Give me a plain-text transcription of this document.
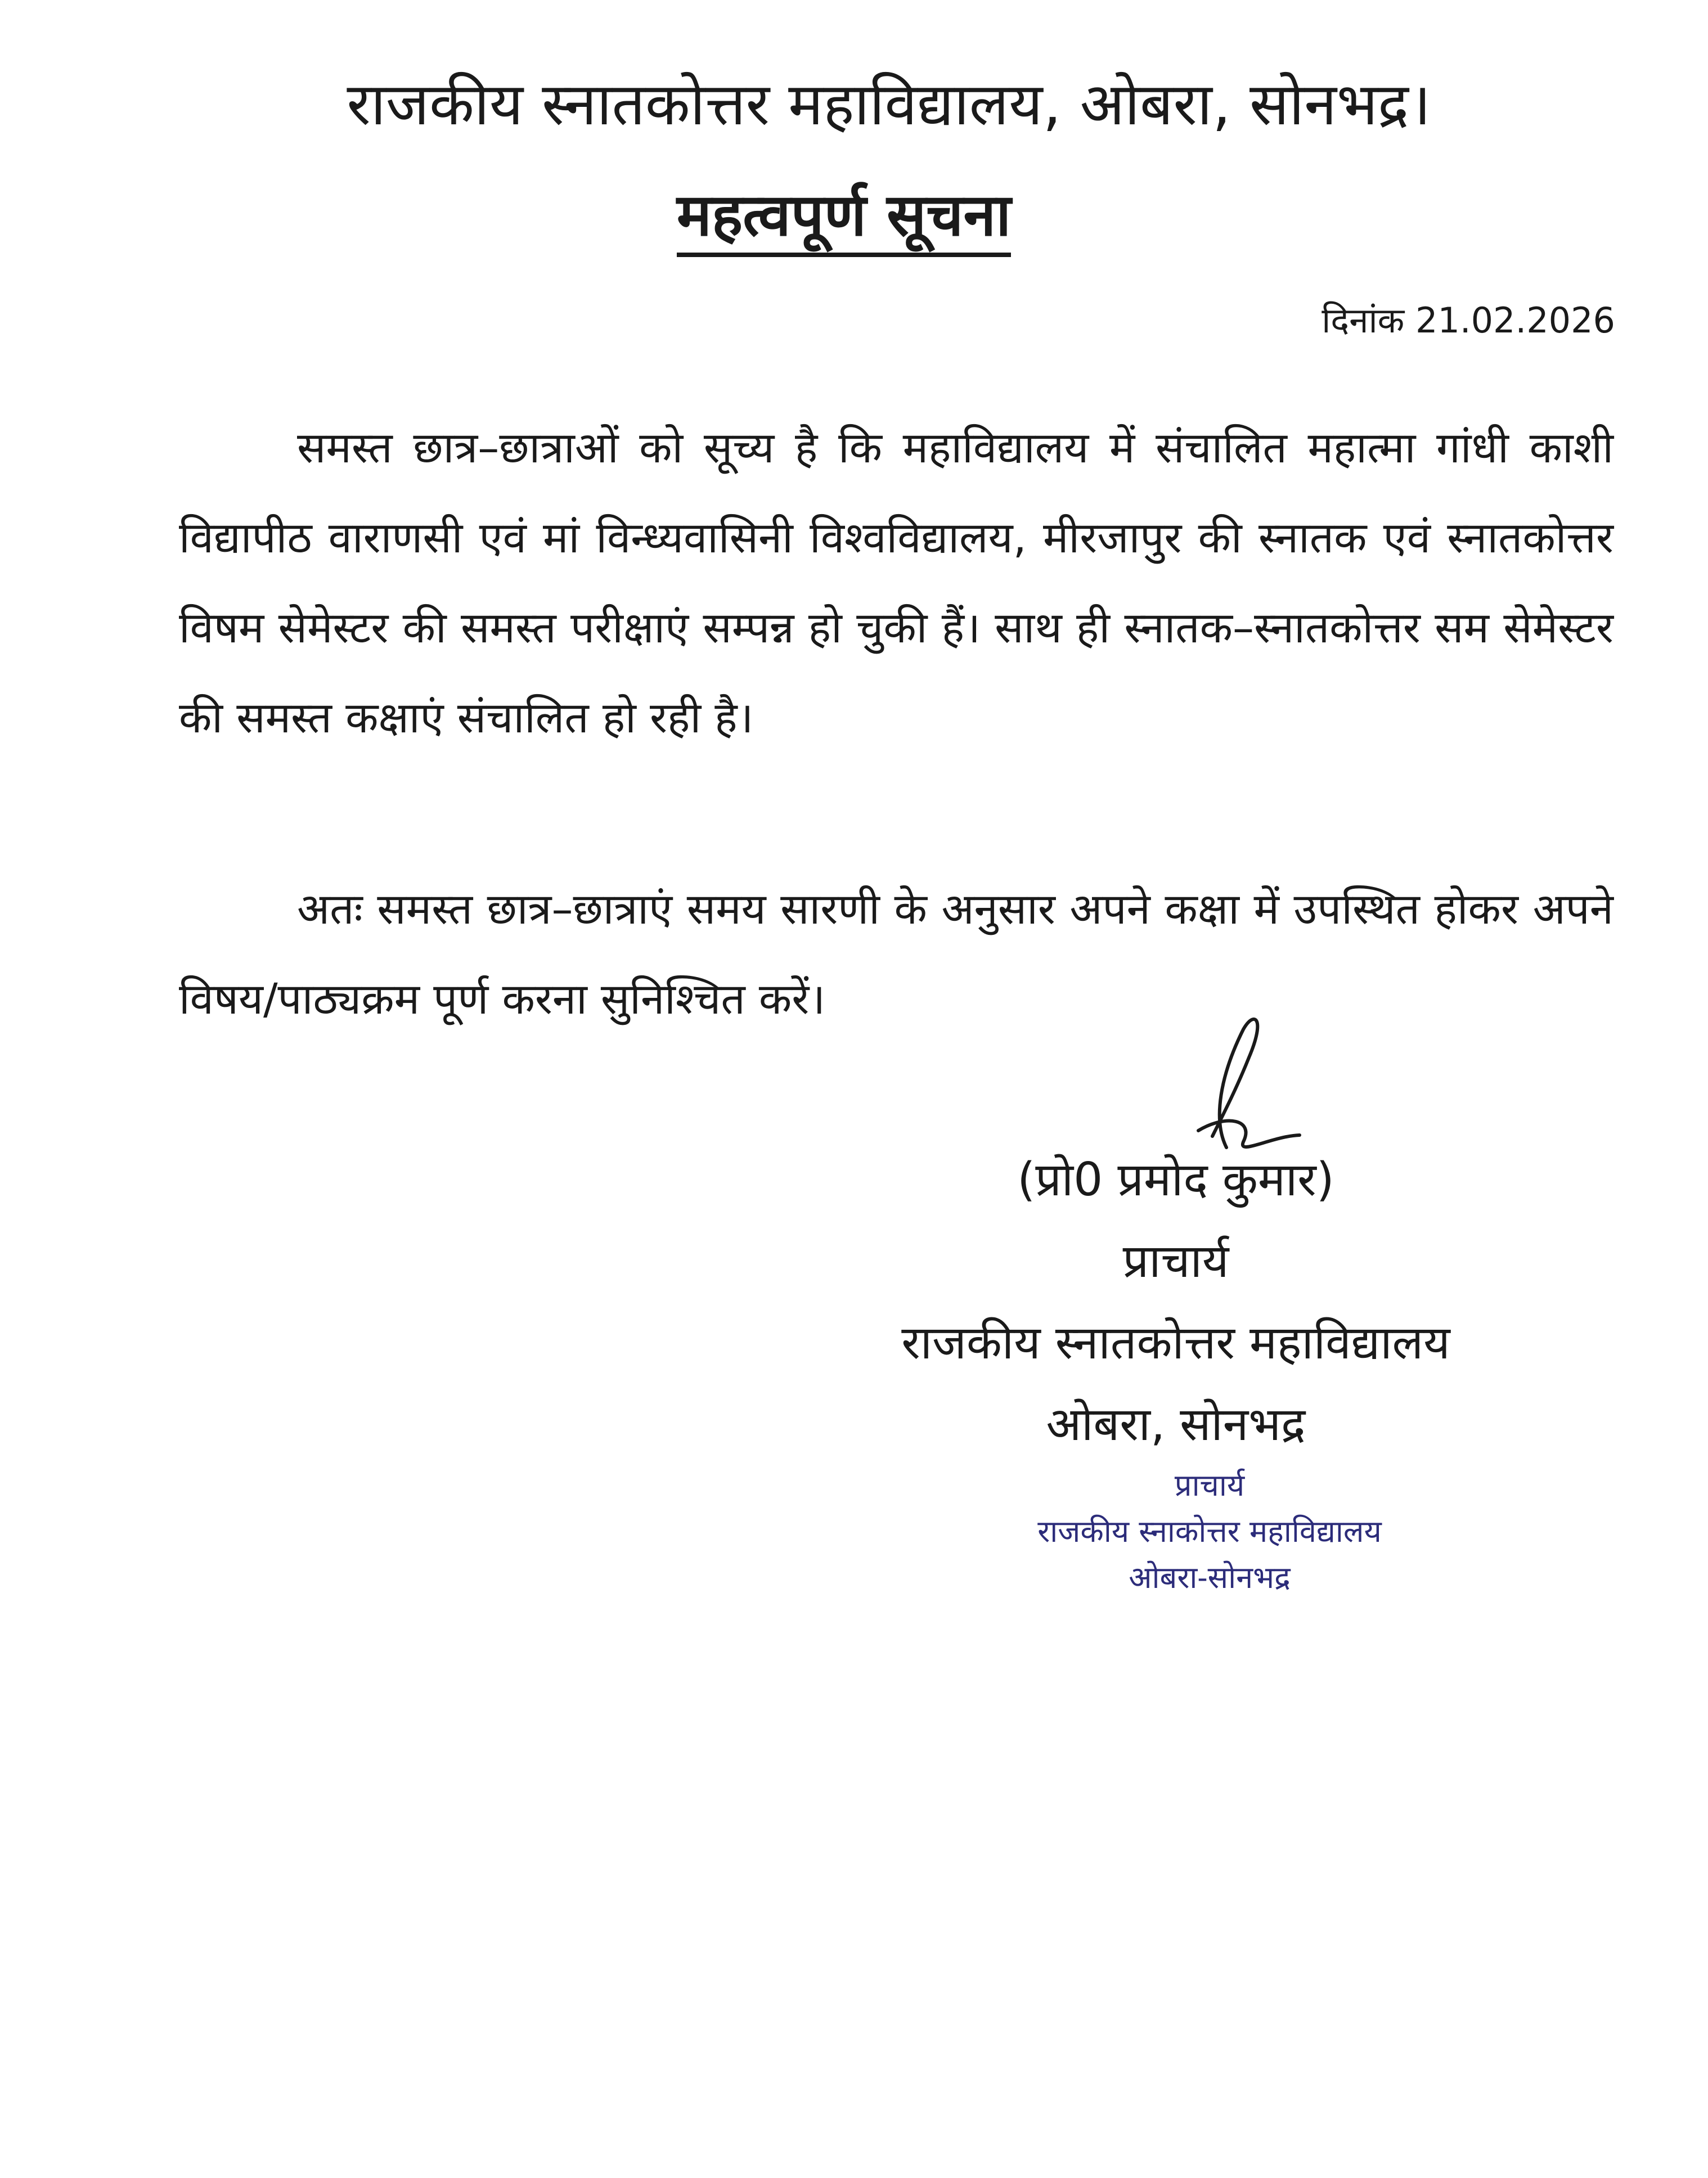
राजकीय स्नातकोत्तर महाविद्यालय, ओबरा, सोनभद्र।
महत्वपूर्ण सूचना
दिनांक 21.02.2026

समस्त छात्र–छात्राओं को सूच्य है कि महाविद्यालय में संचालित महात्मा गांधी काशी विद्यापीठ वाराणसी एवं मां विन्ध्यवासिनी विश्वविद्यालय, मीरजापुर की स्नातक एवं स्नातकोत्तर विषम सेमेस्टर की समस्त परीक्षाएं सम्पन्न हो चुकी हैं। साथ ही स्नातक–स्नातकोत्तर सम सेमेस्टर की समस्त कक्षाएं संचालित हो रही है।

अतः समस्त छात्र–छात्राएं समय सारणी के अनुसार अपने कक्षा में उपस्थित होकर अपने विषय/पाठ्यक्रम पूर्ण करना सुनिश्चित करें।

(प्रो0 प्रमोद कुमार)
प्राचार्य
राजकीय स्नातकोत्तर महाविद्यालय
ओबरा, सोनभद्र
प्राचार्य
राजकीय स्नाकोत्तर महाविद्यालय
ओबरा-सोनभद्र
